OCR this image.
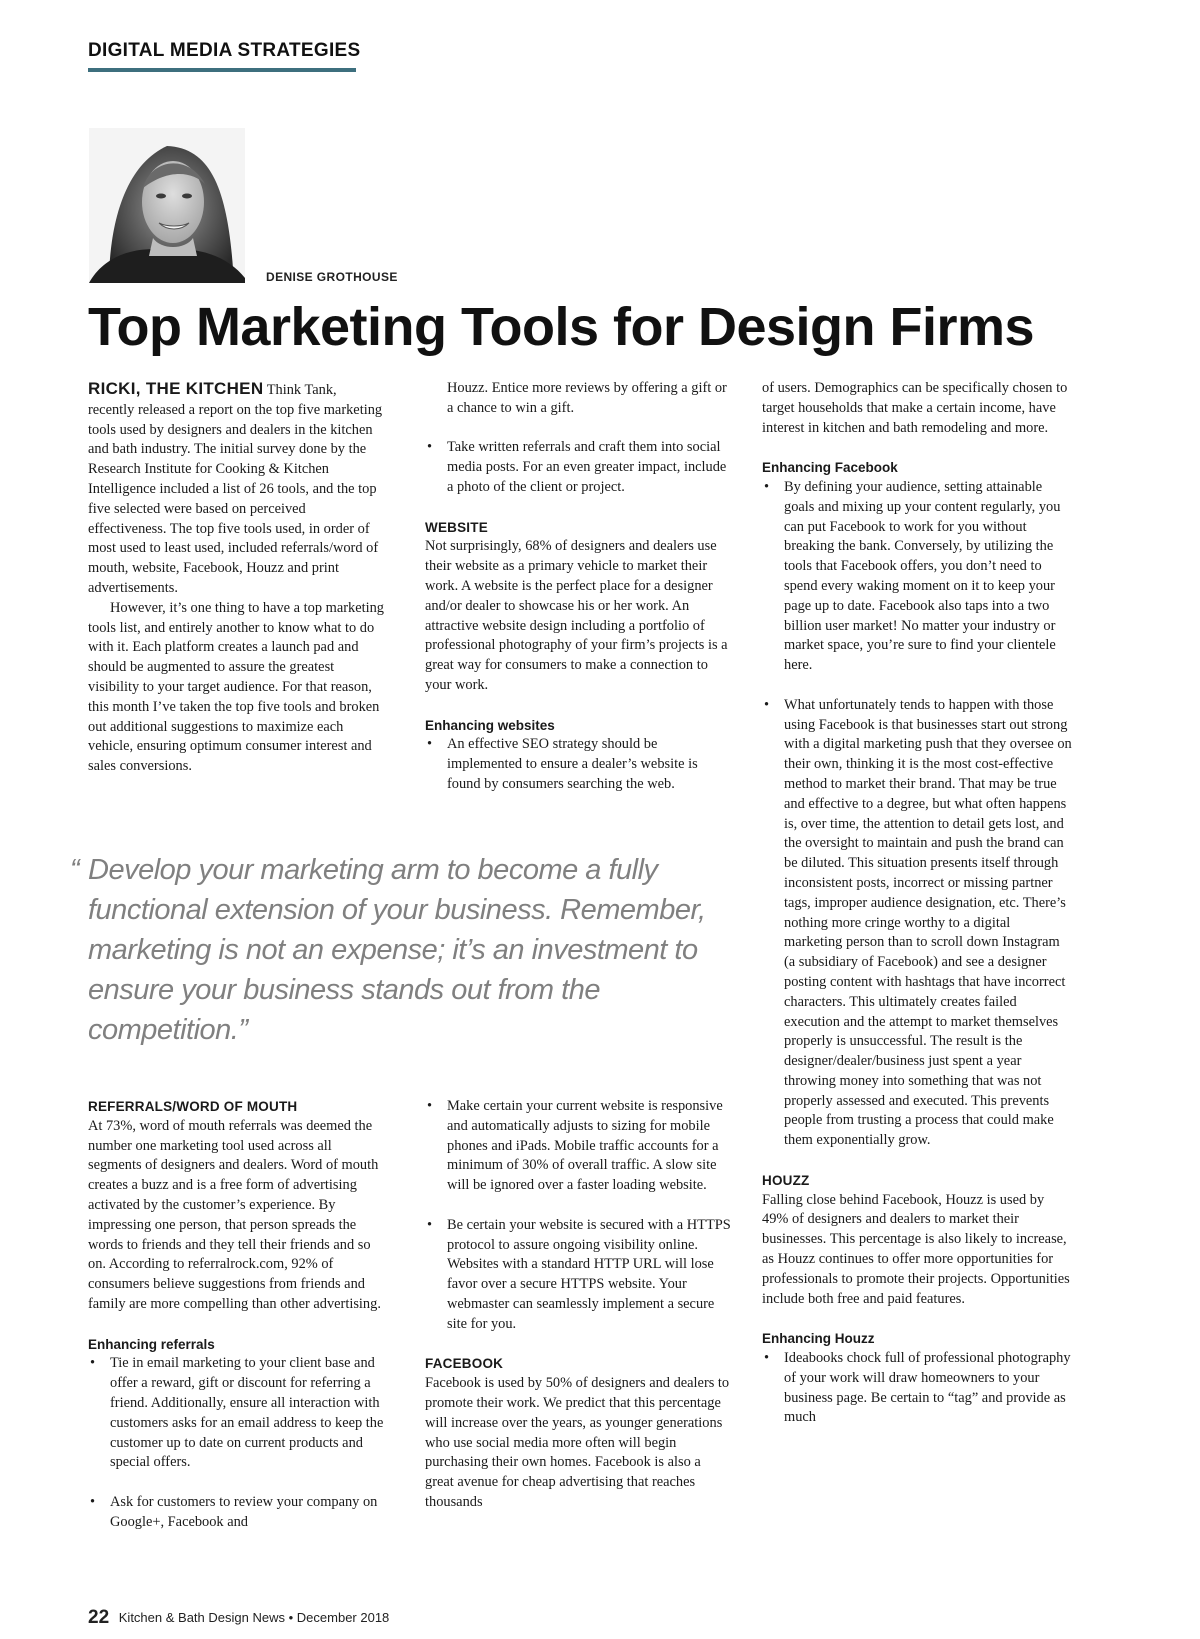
DIGITAL MEDIA STRATEGIES
DENISE GROTHOUSE
Top Marketing Tools for Design Firms

RICKI, THE KITCHEN Think Tank, recently released a report on the top five marketing tools used by designers and dealers in the kitchen and bath industry. The initial survey done by the Research Institute for Cooking & Kitchen Intelligence included a list of 26 tools, and the top five selected were based on perceived effectiveness. The top five tools used, in order of most used to least used, included referrals/word of mouth, website, Facebook, Houzz and print advertisements.

However, it’s one thing to have a top marketing tools list, and entirely another to know what to do with it. Each platform creates a launch pad and should be augmented to assure the greatest visibility to your target audience. For that reason, this month I’ve taken the top five tools and broken out additional suggestions to maximize each vehicle, ensuring optimum consumer interest and sales conversions.

Houzz. Entice more reviews by offering a gift or a chance to win a gift.

• Take written referrals and craft them into social media posts. For an even greater impact, include a photo of the client or project.

WEBSITE

Not surprisingly, 68% of designers and dealers use their website as a primary vehicle to market their work. A website is the perfect place for a designer and/or dealer to showcase his or her work. An attractive website design including a portfolio of professional photography of your firm’s projects is a great way for consumers to make a connection to your work.

Enhancing websites

• An effective SEO strategy should be implemented to ensure a dealer’s website is found by consumers searching the web.

“ Develop your marketing arm to become a fully functional extension of your business. Remember, marketing is not an expense; it’s an investment to ensure your business stands out from the competition.”

REFERRALS/WORD OF MOUTH

At 73%, word of mouth referrals was deemed the number one marketing tool used across all segments of designers and dealers. Word of mouth creates a buzz and is a free form of advertising activated by the customer’s experience. By impressing one person, that person spreads the words to friends and they tell their friends and so on. According to referralrock.com, 92% of consumers believe suggestions from friends and family are more compelling than other advertising.

Enhancing referrals

• Tie in email marketing to your client base and offer a reward, gift or discount for referring a friend. Additionally, ensure all interaction with customers asks for an email address to keep the customer up to date on current products and special offers.

• Ask for customers to review your company on Google+, Facebook and

• Make certain your current website is responsive and automatically adjusts to sizing for mobile phones and iPads. Mobile traffic accounts for a minimum of 30% of overall traffic. A slow site will be ignored over a faster loading website.

• Be certain your website is secured with a HTTPS protocol to assure ongoing visibility online. Websites with a standard HTTP URL will lose favor over a secure HTTPS website. Your webmaster can seamlessly implement a secure site for you.

FACEBOOK

Facebook is used by 50% of designers and dealers to promote their work. We predict that this percentage will increase over the years, as younger generations who use social media more often will begin purchasing their own homes. Facebook is also a great avenue for cheap advertising that reaches thousands

of users. Demographics can be specifically chosen to target households that make a certain income, have interest in kitchen and bath remodeling and more.

Enhancing Facebook

• By defining your audience, setting attainable goals and mixing up your content regularly, you can put Facebook to work for you without breaking the bank. Conversely, by utilizing the tools that Facebook offers, you don’t need to spend every waking moment on it to keep your page up to date. Facebook also taps into a two billion user market! No matter your industry or market space, you’re sure to find your clientele here.

• What unfortunately tends to happen with those using Facebook is that businesses start out strong with a digital marketing push that they oversee on their own, thinking it is the most cost-effective method to market their brand. That may be true and effective to a degree, but what often happens is, over time, the attention to detail gets lost, and the oversight to maintain and push the brand can be diluted. This situation presents itself through inconsistent posts, incorrect or missing partner tags, improper audience designation, etc. There’s nothing more cringe worthy to a digital marketing person than to scroll down Instagram (a subsidiary of Facebook) and see a designer posting content with hashtags that have incorrect characters. This ultimately creates failed execution and the attempt to market themselves properly is unsuccessful. The result is the designer/dealer/business just spent a year throwing money into something that was not properly assessed and executed. This prevents people from trusting a process that could make them exponentially grow.

HOUZZ

Falling close behind Facebook, Houzz is used by 49% of designers and dealers to market their businesses. This percentage is also likely to increase, as Houzz continues to offer more opportunities for professionals to promote their projects. Opportunities include both free and paid features.

Enhancing Houzz

• Ideabooks chock full of professional photography of your work will draw homeowners to your business page. Be certain to “tag” and provide as much

22 Kitchen & Bath Design News • December 2018
